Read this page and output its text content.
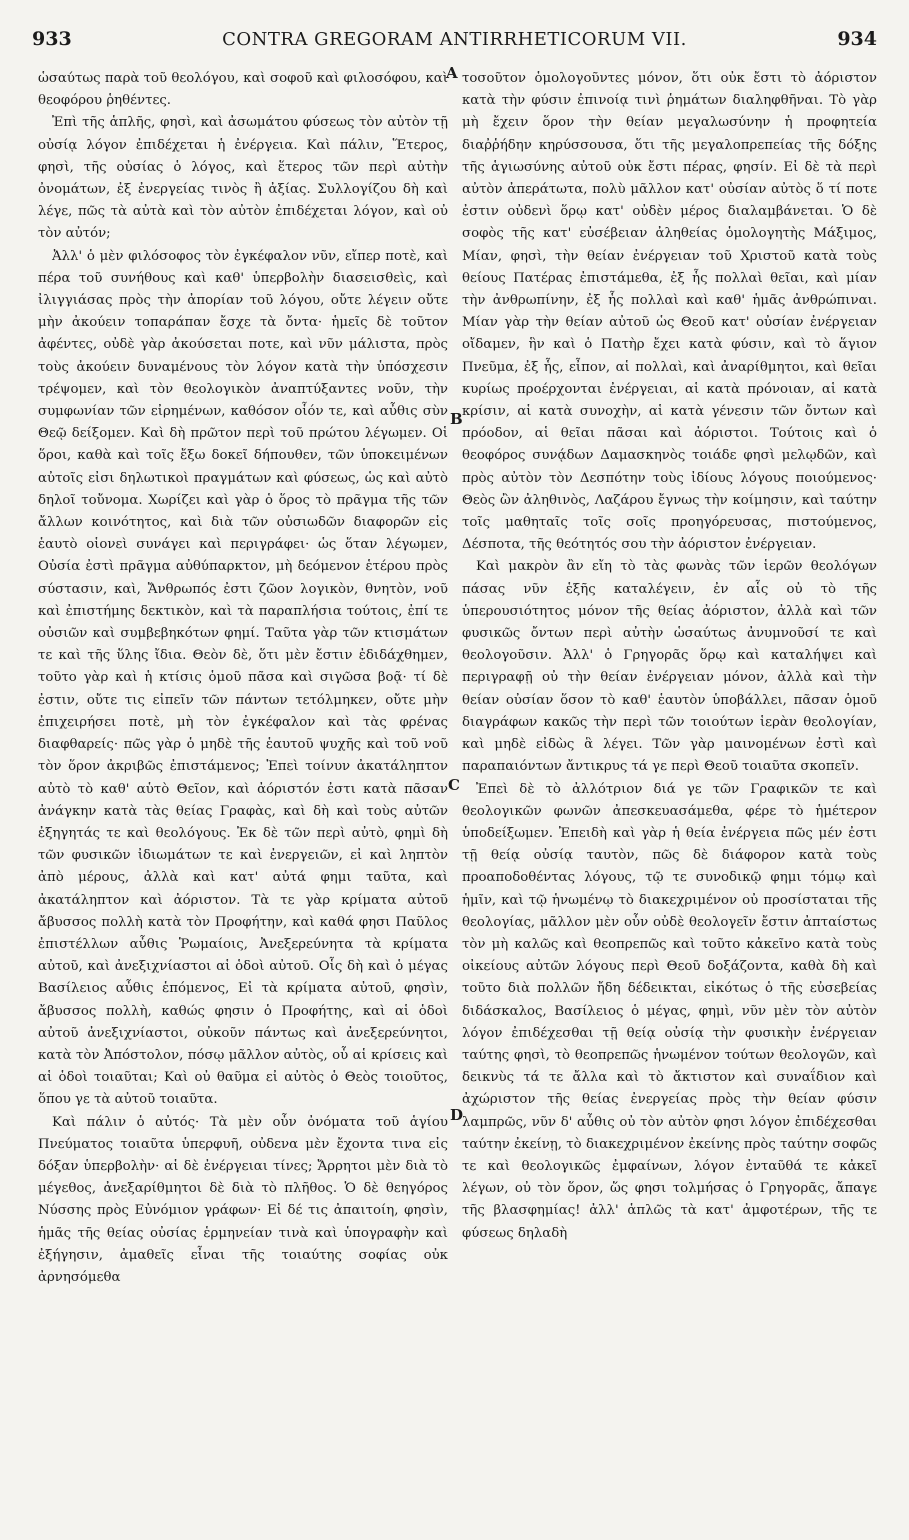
933	CONTRA GREGORAM ANTIRRHETICORUM VII.	934

ὡσαύτως παρὰ τοῦ θεολόγου, καὶ σοφοῦ καὶ φιλοσόφου, καὶ θεοφόρου ῥηθέντες.

Ἐπὶ τῆς ἁπλῆς, φησὶ, καὶ ἀσωμάτου φύσεως τὸν αὐτὸν τῇ οὐσίᾳ λόγον ἐπιδέχεται ἡ ἐνέργεια. Καὶ πάλιν, Ἕτερος, φησὶ, τῆς οὐσίας ὁ λόγος, καὶ ἕτερος τῶν περὶ αὐτὴν ὀνομάτων, ἐξ ἐνεργείας τινὸς ἢ ἀξίας. Συλλογίζου δὴ καὶ λέγε, πῶς τὰ αὐτὰ καὶ τὸν αὐτὸν ἐπιδέχεται λόγον, καὶ οὐ τὸν αὐτόν;

Ἀλλ' ὁ μὲν φιλόσοφος τὸν ἐγκέφαλον νῦν, εἴπερ ποτὲ, καὶ πέρα τοῦ συνήθους καὶ καθ' ὑπερβολὴν διασεισθεὶς, καὶ ἰλιγγιάσας πρὸς τὴν ἀπορίαν τοῦ λόγου, οὔτε λέγειν οὔτε μὴν ἀκούειν τοπαράπαν ἔσχε τὰ ὄντα· ἡμεῖς δὲ τοῦτον ἀφέντες, οὐδὲ γὰρ ἀκούσεται ποτε, καὶ νῦν μάλιστα, πρὸς τοὺς ἀκούειν δυναμένους τὸν λόγον κατὰ τὴν ὑπόσχεσιν τρέψομεν, καὶ τὸν θεολογικὸν ἀναπτύξαντες νοῦν, τὴν συμφωνίαν τῶν εἰρημένων, καθόσον οἷόν τε, καὶ αὖθις σὺν Θεῷ δείξομεν. Καὶ δὴ πρῶτον περὶ τοῦ πρώτου λέγωμεν. Οἱ ὅροι, καθὰ καὶ τοῖς ἔξω δοκεῖ δήπουθεν, τῶν ὑποκειμένων αὐτοῖς εἰσι δηλωτικοὶ πραγμάτων καὶ φύσεως, ὡς καὶ αὐτὸ δηλοῖ τοὔνομα. Χωρίζει καὶ γὰρ ὁ ὅρος τὸ πρᾶγμα τῆς τῶν ἄλλων κοινότητος, καὶ διὰ τῶν οὐσιωδῶν διαφορῶν εἰς ἑαυτὸ οἱονεὶ συνάγει καὶ περιγράφει· ὡς ὅταν λέγωμεν, Οὐσία ἐστὶ πρᾶγμα αὐθύπαρκτον, μὴ δεόμενον ἑτέρου πρὸς σύστασιν, καὶ, Ἄνθρωπός ἐστι ζῶον λογικὸν, θνητὸν, νοῦ καὶ ἐπιστήμης δεκτικὸν, καὶ τὰ παραπλήσια τούτοις, ἐπί τε οὐσιῶν καὶ συμβεβηκότων φημί. Ταῦτα γὰρ τῶν κτισμάτων τε καὶ τῆς ὕλης ἴδια. Θεὸν δὲ, ὅτι μὲν ἔστιν ἐδιδάχθημεν, τοῦτο γὰρ καὶ ἡ κτίσις ὁμοῦ πᾶσα καὶ σιγῶσα βοᾷ· τί δὲ ἐστιν, οὔτε τις εἰπεῖν τῶν πάντων τετόλμηκεν, οὔτε μὴν ἐπιχειρήσει ποτὲ, μὴ τὸν ἐγκέφαλον καὶ τὰς φρένας διαφθαρείς· πῶς γὰρ ὁ μηδὲ τῆς ἑαυτοῦ ψυχῆς καὶ τοῦ νοῦ τὸν ὅρον ἀκριβῶς ἐπιστάμενος; Ἐπεὶ τοίνυν ἀκατάληπτον αὐτὸ τὸ καθ' αὑτὸ Θεῖον, καὶ ἀόριστόν ἐστι κατὰ πᾶσαν ἀνάγκην κατὰ τὰς θείας Γραφὰς, καὶ δὴ καὶ τοὺς αὐτῶν ἐξηγητάς τε καὶ θεολόγους. Ἐκ δὲ τῶν περὶ αὐτὸ, φημὶ δὴ τῶν φυσικῶν ἰδιωμάτων τε καὶ ἐνεργειῶν, εἰ καὶ ληπτὸν ἀπὸ μέρους, ἀλλὰ καὶ κατ' αὐτά φημι ταῦτα, καὶ ἀκατάληπτον καὶ ἀόριστον. Τὰ τε γὰρ κρίματα αὐτοῦ ἄβυσσος πολλὴ κατὰ τὸν Προφήτην, καὶ καθά φησι Παῦλος ἐπιστέλλων αὖθις Ῥωμαίοις, Ἀνεξερεύνητα τὰ κρίματα αὐτοῦ, καὶ ἀνεξιχνίαστοι αἱ ὁδοὶ αὐτοῦ. Οἷς δὴ καὶ ὁ μέγας Βασίλειος αὖθις ἑπόμενος, Εἰ τὰ κρίματα αὐτοῦ, φησὶν, ἄβυσσος πολλὴ, καθώς φησιν ὁ Προφήτης, καὶ αἱ ὁδοὶ αὐτοῦ ἀνεξιχνίαστοι, οὐκοῦν πάντως καὶ ἀνεξερεύνητοι, κατὰ τὸν Ἀπόστολον, πόσῳ μᾶλλον αὐτὸς, οὗ αἱ κρίσεις καὶ αἱ ὁδοὶ τοιαῦται; Καὶ οὐ θαῦμα εἰ αὐτὸς ὁ Θεὸς τοιοῦτος, ὅπου γε τὰ αὐτοῦ τοιαῦτα.

Καὶ πάλιν ὁ αὐτός· Τὰ μὲν οὖν ὀνόματα τοῦ ἁγίου Πνεύματος τοιαῦτα ὑπερφυῆ, οὐδενα μὲν ἔχοντα τινα εἰς δόξαν ὑπερβολὴν· αἱ δὲ ἐνέργειαι τίνες; Ἄρρητοι μὲν διὰ τὸ μέγεθος, ἀνεξαρίθμητοι δὲ διὰ τὸ πλῆθος. Ὁ δὲ θεηγόρος Νύσσης πρὸς Εὐνόμιον γράφων· Εἰ δέ τις ἀπαιτοίη, φησὶν, ἡμᾶς τῆς θείας οὐσίας ἑρμηνείαν τινὰ καὶ ὑπογραφὴν καὶ ἐξήγησιν, ἀμαθεῖς εἶναι τῆς τοιαύτης σοφίας οὐκ ἀρνησόμεθα

τοσοῦτον ὁμολογοῦντες μόνον, ὅτι οὐκ ἔστι τὸ ἀόριστον κατὰ τὴν φύσιν ἐπινοίᾳ τινὶ ῥημάτων διαληφθῆναι. Τὸ γὰρ μὴ ἔχειν ὅρον τὴν θείαν μεγαλωσύνην ἡ προφητεία διαῤῥήδην κηρύσσουσα, ὅτι τῆς μεγαλοπρεπείας τῆς δόξης τῆς ἁγιωσύνης αὐτοῦ οὐκ ἔστι πέρας, φησίν. Εἰ δὲ τὰ περὶ αὐτὸν ἀπεράτωτα, πολὺ μᾶλλον κατ' οὐσίαν αὐτὸς ὅ τί ποτε ἐστιν οὐδενὶ ὅρῳ κατ' οὐδὲν μέρος διαλαμβάνεται. Ὁ δὲ σοφὸς τῆς κατ' εὐσέβειαν ἀληθείας ὁμολογητὴς Μάξιμος, Μίαν, φησὶ, τὴν θείαν ἐνέργειαν τοῦ Χριστοῦ κατὰ τοὺς θείους Πατέρας ἐπιστάμεθα, ἐξ ἧς πολλαὶ θεῖαι, καὶ μίαν τὴν ἀνθρωπίνην, ἐξ ἧς πολλαὶ καὶ καθ' ἡμᾶς ἀνθρώπιναι. Μίαν γὰρ τὴν θείαν αὐτοῦ ὡς Θεοῦ κατ' οὐσίαν ἐνέργειαν οἴδαμεν, ἣν καὶ ὁ Πατὴρ ἔχει κατὰ φύσιν, καὶ τὸ ἅγιον Πνεῦμα, ἐξ ἧς, εἶπον, αἱ πολλαὶ, καὶ ἀναρίθμητοι, καὶ θεῖαι κυρίως προέρχονται ἐνέργειαι, αἱ κατὰ πρόνοιαν, αἱ κατὰ κρίσιν, αἱ κατὰ συνοχὴν, αἱ κατὰ γένεσιν τῶν ὄντων καὶ πρόοδον, αἱ θεῖαι πᾶσαι καὶ ἀόριστοι. Τούτοις καὶ ὁ θεοφόρος συνᾴδων Δαμασκηνὸς τοιάδε φησὶ μελῳδῶν, καὶ πρὸς αὐτὸν τὸν Δεσπότην τοὺς ἰδίους λόγους ποιούμενος· Θεὸς ὢν ἀληθινὸς, Λαζάρου ἔγνως τὴν κοίμησιν, καὶ ταύτην τοῖς μαθηταῖς τοῖς σοῖς προηγόρευσας, πιστούμενος, Δέσποτα, τῆς θεότητός σου τὴν ἀόριστον ἐνέργειαν.

Καὶ μακρὸν ἂν εἴη τὸ τὰς φωνὰς τῶν ἱερῶν θεολόγων πάσας νῦν ἑξῆς καταλέγειν, ἐν αἷς οὐ τὸ τῆς ὑπερουσιότητος μόνον τῆς θείας ἀόριστον, ἀλλὰ καὶ τῶν φυσικῶς ὄντων περὶ αὐτὴν ὡσαύτως ἀνυμνοῦσί τε καὶ θεολογοῦσιν. Ἀλλ' ὁ Γρηγορᾶς ὅρῳ καὶ καταλήψει καὶ περιγραφῇ οὐ τὴν θείαν ἐνέργειαν μόνον, ἀλλὰ καὶ τὴν θείαν οὐσίαν ὅσον τὸ καθ' ἑαυτὸν ὑποβάλλει, πᾶσαν ὁμοῦ διαγράφων κακῶς τὴν περὶ τῶν τοιούτων ἱερὰν θεολογίαν, καὶ μηδὲ εἰδὼς ἃ λέγει. Τῶν γὰρ μαινομένων ἐστὶ καὶ παραπαιόντων ἄντικρυς τά γε περὶ Θεοῦ τοιαῦτα σκοπεῖν.

Ἐπεὶ δὲ τὸ ἀλλότριον διά γε τῶν Γραφικῶν τε καὶ θεολογικῶν φωνῶν ἀπεσκευασάμεθα, φέρε τὸ ἡμέτερον ὑποδείξωμεν. Ἐπειδὴ καὶ γὰρ ἡ θεία ἐνέργεια πῶς μέν ἐστι τῇ θείᾳ οὐσίᾳ ταυτὸν, πῶς δὲ διάφορον κατὰ τοὺς προαποδοθέντας λόγους, τῷ τε συνοδικῷ φημι τόμῳ καὶ ἡμῖν, καὶ τῷ ἡνωμένῳ τὸ διακεχριμένον οὐ προσίσταται τῆς θεολογίας, μᾶλλον μὲν οὖν οὐδὲ θεολογεῖν ἔστιν ἀπταίστως τὸν μὴ καλῶς καὶ θεοπρεπῶς καὶ τοῦτο κἀκεῖνο κατὰ τοὺς οἰκείους αὐτῶν λόγους περὶ Θεοῦ δοξάζοντα, καθὰ δὴ καὶ τοῦτο διὰ πολλῶν ἤδη δέδεικται, εἰκότως ὁ τῆς εὐσεβείας διδάσκαλος, Βασίλειος ὁ μέγας, φημὶ, νῦν μὲν τὸν αὐτὸν λόγον ἐπιδέχεσθαι τῇ θείᾳ οὐσίᾳ τὴν φυσικὴν ἐνέργειαν ταύτης φησὶ, τὸ θεοπρεπῶς ἡνωμένον τούτων θεολογῶν, καὶ δεικνὺς τά τε ἄλλα καὶ τὸ ἄκτιστον καὶ συναΐδιον καὶ ἀχώριστον τῆς θείας ἐνεργείας πρὸς τὴν θείαν φύσιν λαμπρῶς, νῦν δ' αὖθις οὐ τὸν αὐτὸν φησι λόγον ἐπιδέχεσθαι ταύτην ἐκείνῃ, τὸ διακεχριμένον ἐκείνης πρὸς ταύτην σοφῶς τε καὶ θεολογικῶς ἐμφαίνων, λόγον ἐνταῦθά τε κἀκεῖ λέγων, οὐ τὸν ὅρον, ὥς φησι τολμήσας ὁ Γρηγορᾶς, ἄπαγε τῆς βλασφημίας! ἀλλ' ἁπλῶς τὰ κατ' ἀμφοτέρων, τῆς τε φύσεως δηλαδὴ

A
B
C
D
